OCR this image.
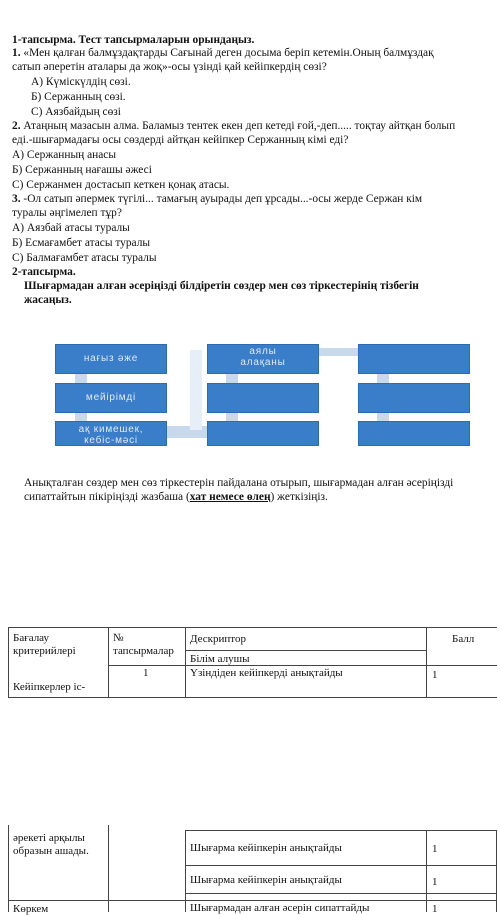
1-тапсырма. Тест тапсырмаларын орындаңыз.
1. «Мен қалған балмұздақтарды Сағынай деген досыма беріп кетемін.Оның балмұздақ
сатып әперетін аталары да жоқ»-осы үзінді қай кейіпкердің сөзі?
А) Күміскүлдің сөзі.
Б) Сержанның сөзі.
С) Аязбайдың сөзі
2. Атаңның мазасын алма. Баламыз тентек екен деп кетеді ғой,-деп..... тоқтау айтқан болып
еді.-шығармадағы осы сөздерді айтқан кейіпкер Сержанның кімі еді?
А) Сержанның анасы
Б) Сержанның нағашы әжесі
С) Сержанмен достасып кеткен қонақ атасы.
3. -Ол сатып әпермек түгілі... тамағың ауырады деп ұрсады...-осы жерде Сержан кім
туралы әңгімелеп тұр?
А) Аязбай атасы туралы
Б) Есмағамбет атасы туралы
С) Балмағамбет атасы туралы
2-тапсырма.
Шығармадан алған әсеріңізді білдіретін сөздер мен сөз тіркестерінің тізбегін
жасаңыз.
нағыз әже
мейірімді
ақ кимешек,
кебіс-мәсі
аялы
алақаны
Анықталған сөздер мен сөз тіркестерін пайдалана отырып, шығармадан алған әсеріңізді
сипаттайтын пікіріңізді жазбаша (хат немесе өлең) жеткізіңіз.
Бағалау
критерийлері
№
тапсырмалар
Дескриптор	Балл
Білім алушы
1	Үзіндіден кейіпкерді анықтайды	1
Кейіпкерлер іс-
әрекеті арқылы
образын ашады.	Шығарма кейіпкерін анықтайды	1
Шығарма кейіпкерін анықтайды	1
Көркем	Шығармадан алған әсерін сипаттайды	1
